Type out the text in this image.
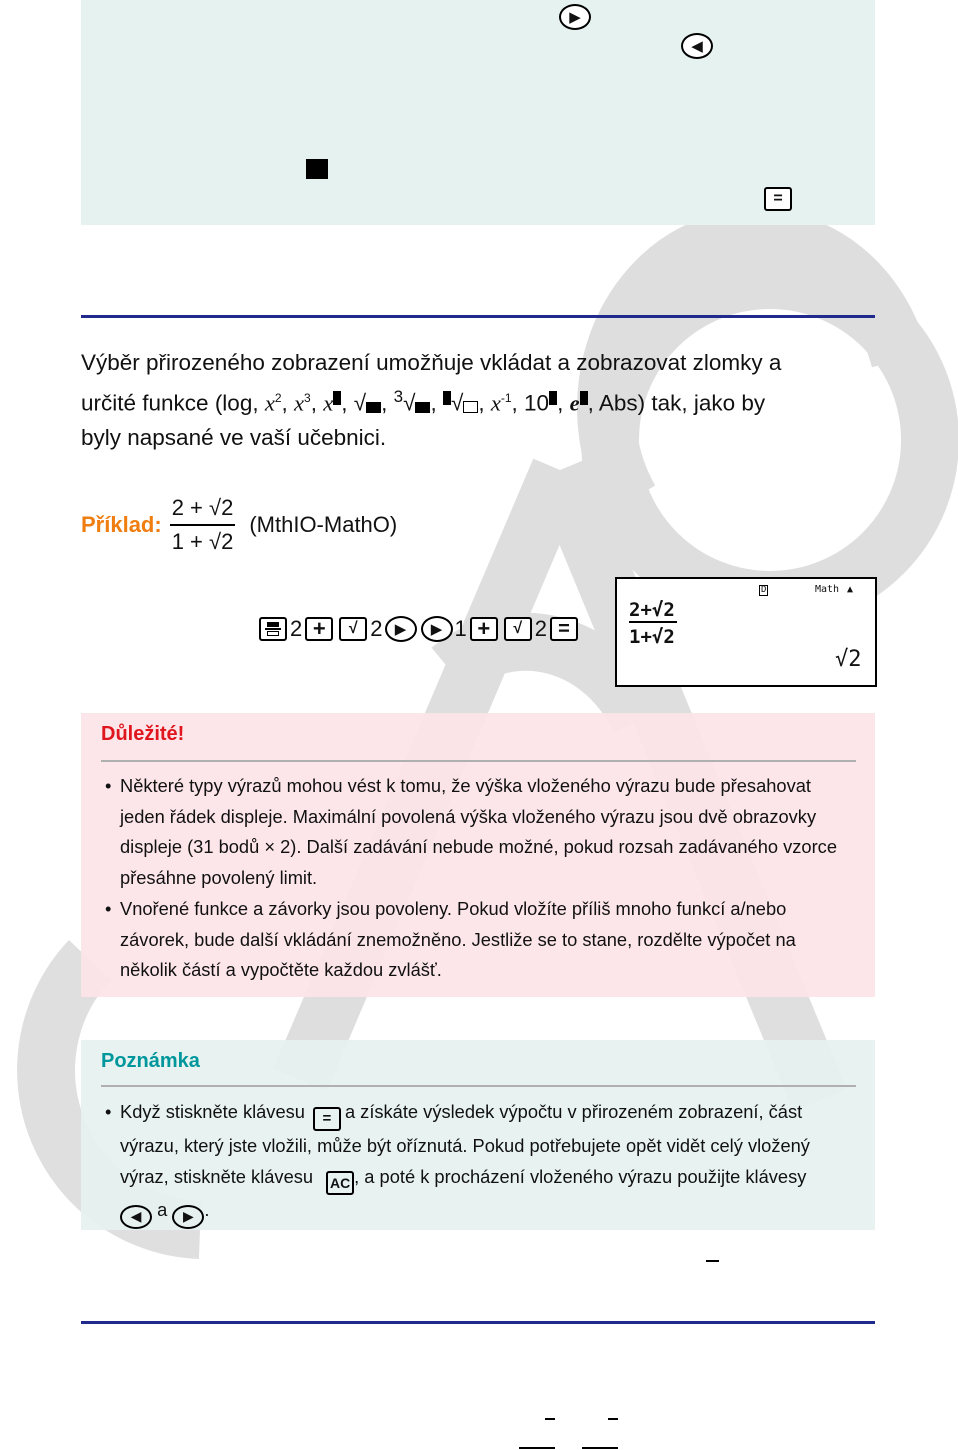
▶
◀
=
Výběr přirozeného zobrazení umožňuje vkládat a zobrazovat zlomky a
určité funkce (log, $x^2$, $x^3$, x , √ , $^3$√ , √ , $x^{-1}$, 10 , e , Abs) tak, jako by
byly napsané ve vaší učebnici.
Příklad: $\frac{2 + √2}{1 + √2}$ (MthIO-MathO)
2 +	√ 2 ▶	▶ 1 +	√ 2 =
D	Math ▲
2+√2
1+√2
√2
Důležité!
• Některé typy výrazů mohou vést k tomu, že výška vloženého výrazu bude přesahovat jeden řádek displeje. Maximální povolená výška vloženého výrazu jsou dvě obrazovky displeje (31 bodů × 2). Další zadávání nebude možné, pokud rozsah zadávaného vzorce přesáhne povolený limit.
• Vnořené funkce a závorky jsou povoleny. Pokud vložíte příliš mnoho funkcí a/nebo závorek, bude další vkládání znemožněno. Jestliže se to stane, rozdělte výpočet na několik částí a vypočtěte každou zvlášť.
Poznámka
• Když stiskněte klávesu = a získáte výsledek výpočtu v přirozeném zobrazení, část výrazu, který jste vložili, může být oříznutá. Pokud potřebujete opět vidět celý vložený výraz, stiskněte klávesu AC , a poté k procházení vloženého výrazu použijte klávesy
◀ a ▶ .
